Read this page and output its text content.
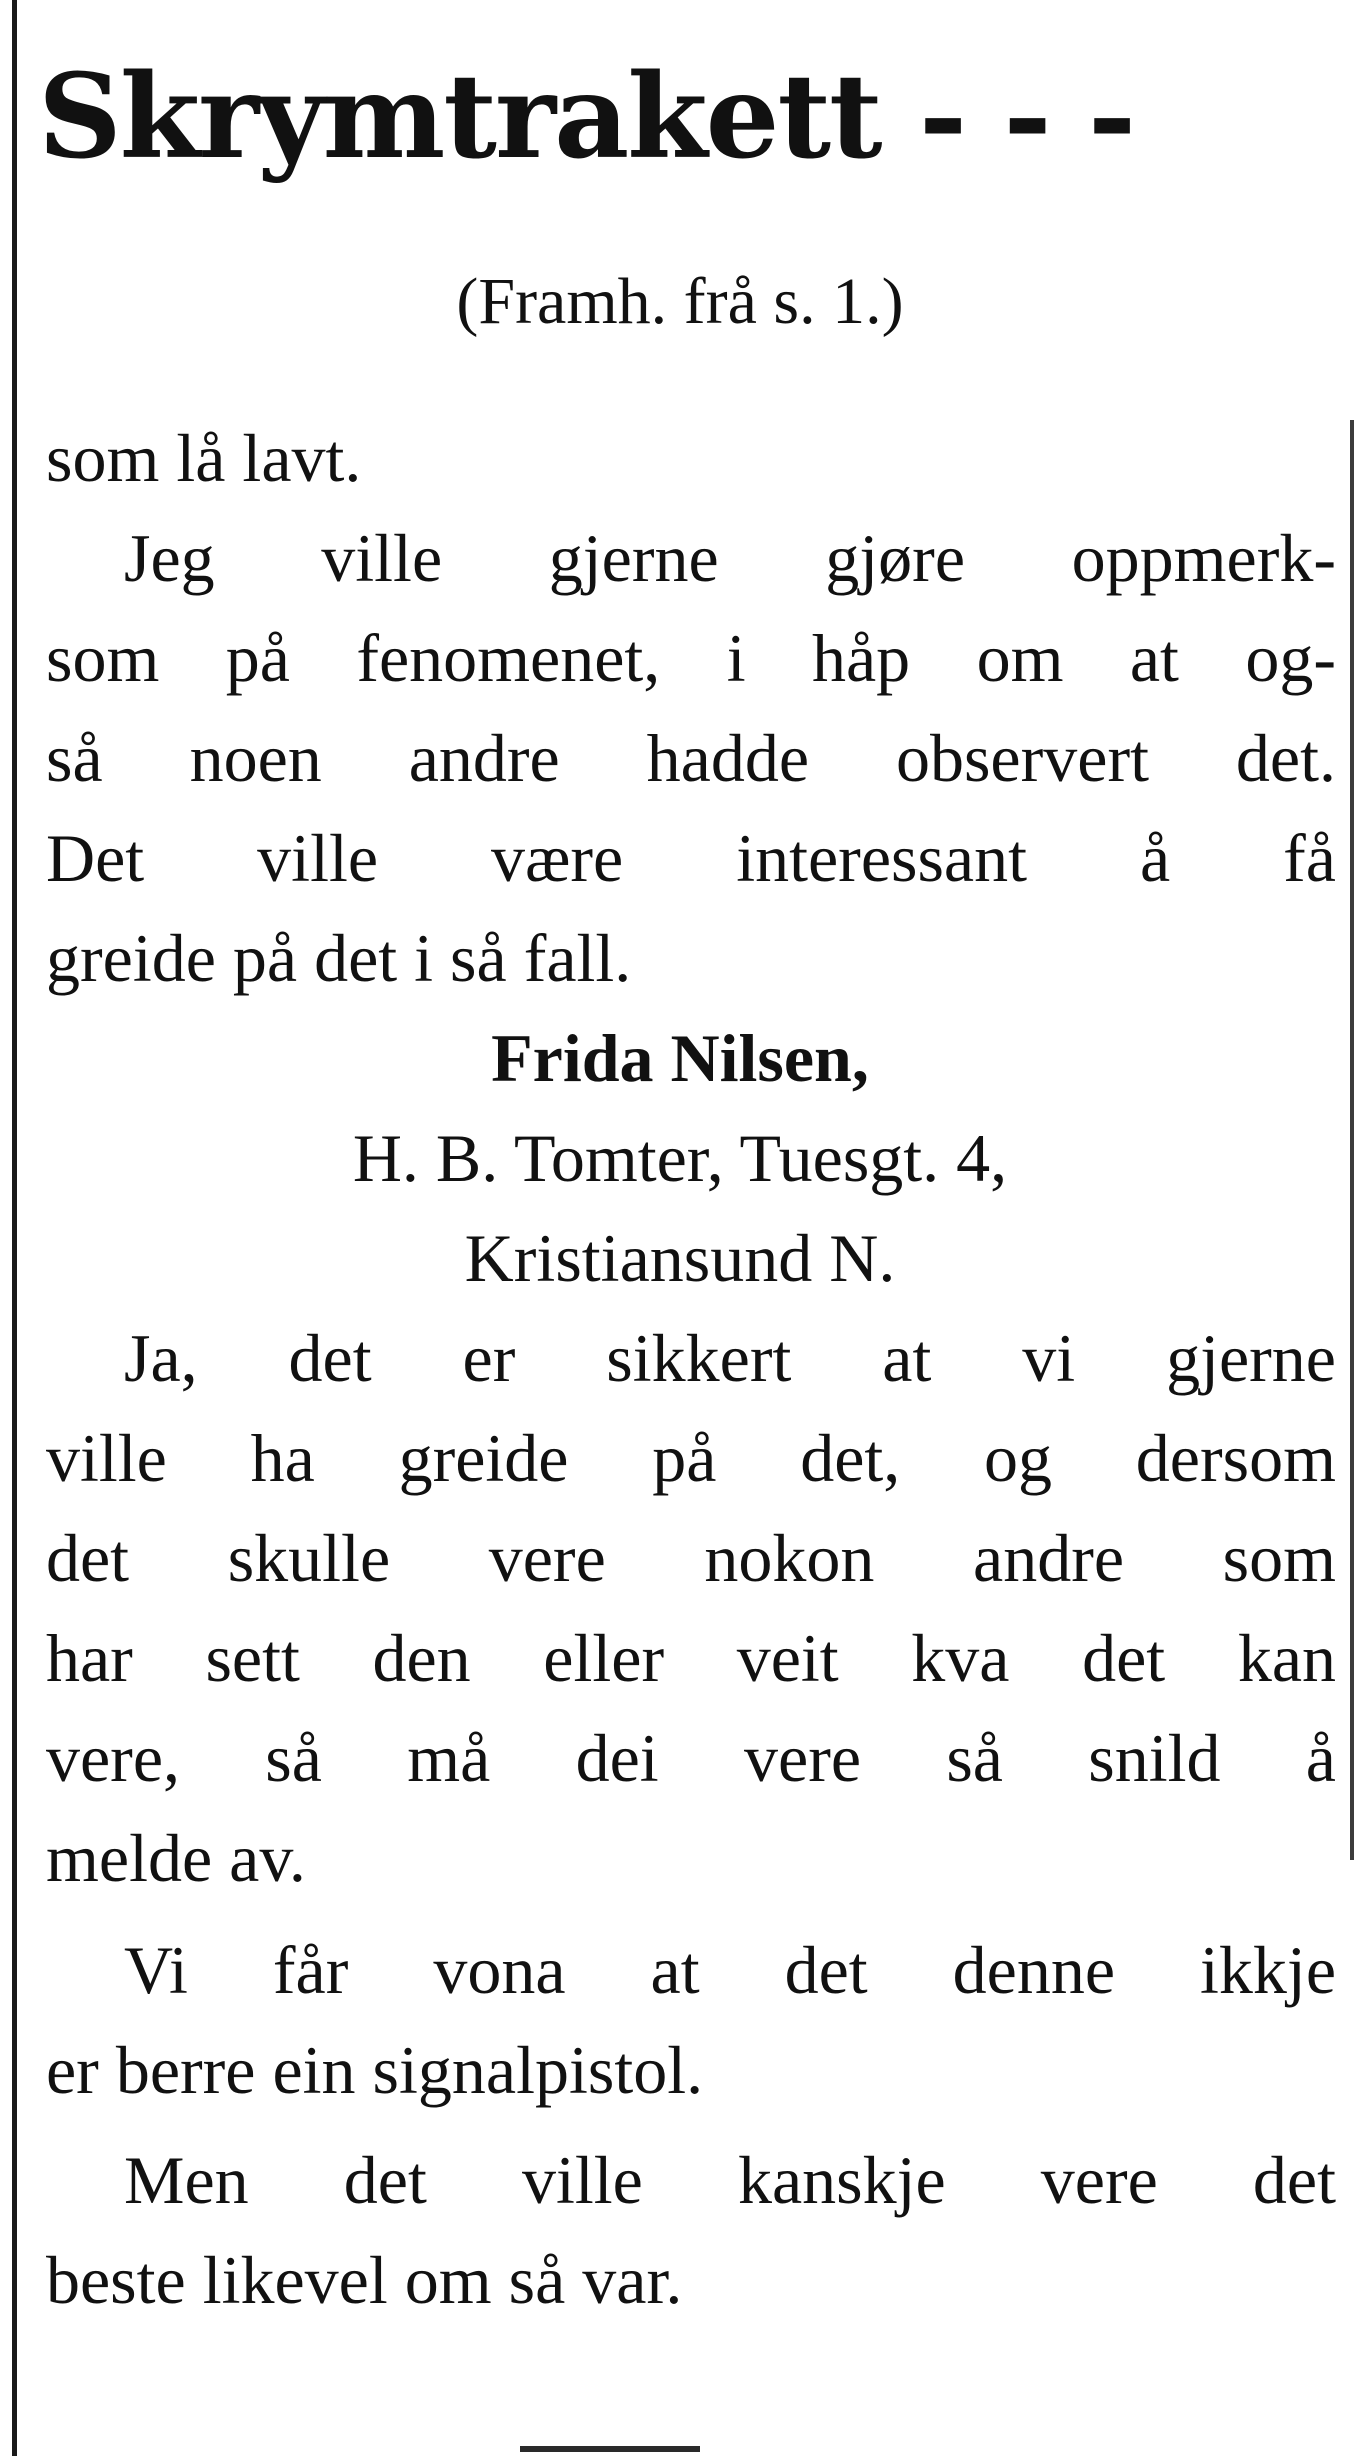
Skrymtrakett - - -
(Framh. frå s. 1.)
som lå lavt.
Jeg ville gjerne gjøre oppmerk-
som på fenomenet, i håp om at og-
så noen andre hadde observert det.
Det ville være interessant å få
greide på det i så fall.
Frida Nilsen,
H. B. Tomter, Tuesgt. 4,
Kristiansund N.
Ja, det er sikkert at vi gjerne
ville ha greide på det, og dersom
det skulle vere nokon andre som
har sett den eller veit kva det kan
vere, så må dei vere så snild å
melde av.
Vi får vona at det denne ikkje
er berre ein signalpistol.
Men det ville kanskje vere det
beste likevel om så var.
